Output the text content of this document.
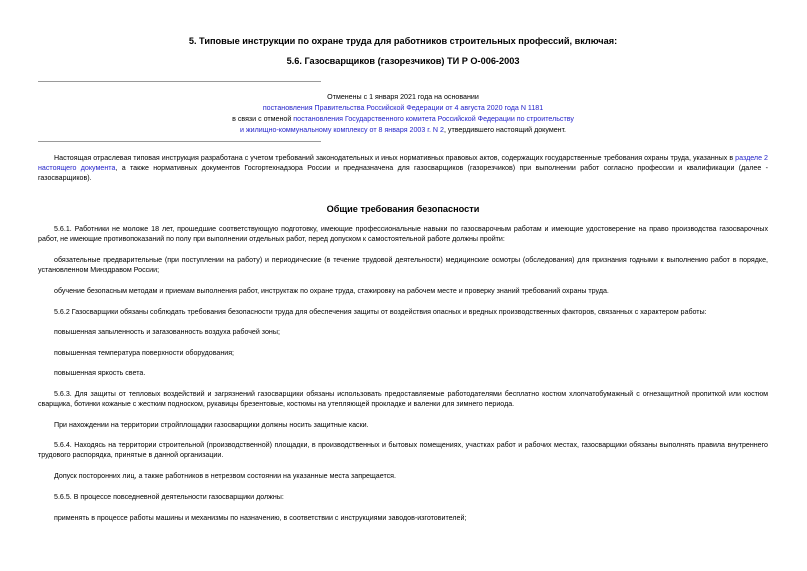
5. Типовые инструкции по охране труда для работников строительных профессий, включая:
5.6. Газосварщиков (газорезчиков) ТИ Р О-006-2003
Отменены с 1 января 2021 года на основании
постановления Правительства Российской Федерации от 4 августа 2020 года N 1181
в связи с отменой постановления Государственного комитета Российской Федерации по строительству
и жилищно-коммунальному комплексу от 8 января 2003 г. N 2, утвердившего настоящий документ.
Настоящая отраслевая типовая инструкция разработана с учетом требований законодательных и иных нормативных правовых актов, содержащих государственные требования охраны труда, указанных в разделе 2 настоящего документа, а также нормативных документов Госгортехнадзора России и предназначена для газосварщиков (газорезчиков) при выполнении работ согласно профессии и квалификации (далее - газосварщиков).
Общие требования безопасности
5.6.1. Работники не моложе 18 лет, прошедшие соответствующую подготовку, имеющие профессиональные навыки по газосварочным работам и имеющие удостоверение на право производства газосварочных работ, не имеющие противопоказаний по полу при выполнении отдельных работ, перед допуском к самостоятельной работе должны пройти:
обязательные предварительные (при поступлении на работу) и периодические (в течение трудовой деятельности) медицинские осмотры (обследования) для признания годными к выполнению работ в порядке, установленном Минздравом России;
обучение безопасным методам и приемам выполнения работ, инструктаж по охране труда, стажировку на рабочем месте и проверку знаний требований охраны труда.
5.6.2 Газосварщики обязаны соблюдать требования безопасности труда для обеспечения защиты от воздействия опасных и вредных производственных факторов, связанных с характером работы:
повышенная запыленность и загазованность воздуха рабочей зоны;
повышенная температура поверхности оборудования;
повышенная яркость света.
5.6.3. Для защиты от тепловых воздействий и загрязнений газосварщики обязаны использовать предоставляемые работодателями бесплатно костюм хлопчатобумажный с огнезащитной пропиткой или костюм сварщика, ботинки кожаные с жестким подноском, рукавицы брезентовые, костюмы на утепляющей прокладке и валенки для зимнего периода.
При нахождении на территории стройплощадки газосварщики должны носить защитные каски.
5.6.4. Находясь на территории строительной (производственной) площадки, в производственных и бытовых помещениях, участках работ и рабочих местах, газосварщики обязаны выполнять правила внутреннего трудового распорядка, принятые в данной организации.
Допуск посторонних лиц, а также работников в нетрезвом состоянии на указанные места запрещается.
5.6.5. В процессе повседневной деятельности газосварщики должны:
применять в процессе работы машины и механизмы по назначению, в соответствии с инструкциями заводов-изготовителей;
